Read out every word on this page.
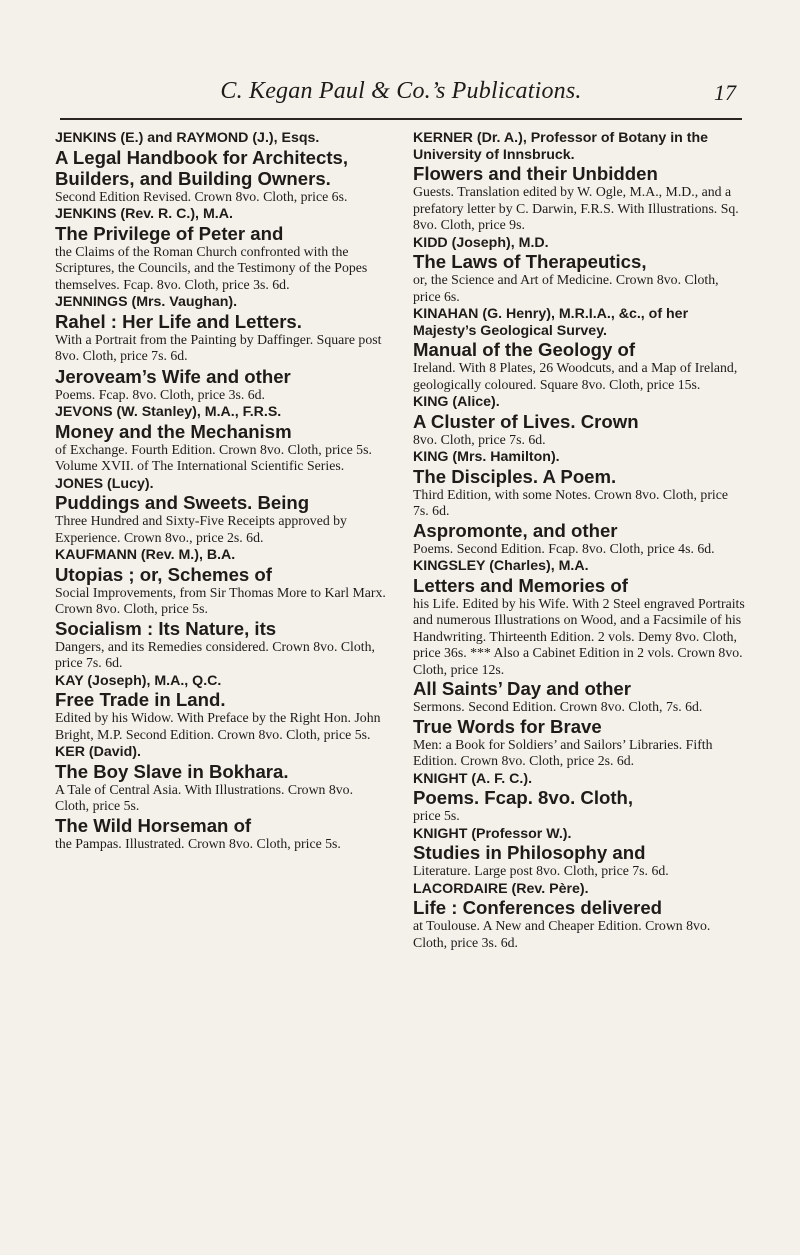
C. Kegan Paul & Co.’s Publications.	17

JENKINS (E.) and RAYMOND (J.), Esqs.

A Legal Handbook for Architects, Builders, and Building Owners.

Second Edition Revised. Crown 8vo. Cloth, price 6s.

JENKINS (Rev. R. C.), M.A.

The Privilege of Peter and

the Claims of the Roman Church confronted with the Scriptures, the Councils, and the Testimony of the Popes themselves. Fcap. 8vo. Cloth, price 3s. 6d.

JENNINGS (Mrs. Vaughan).

Rahel : Her Life and Letters.

With a Portrait from the Painting by Daffinger. Square post 8vo. Cloth, price 7s. 6d.

Jeroveam’s Wife and other

Poems. Fcap. 8vo. Cloth, price 3s. 6d.

JEVONS (W. Stanley), M.A., F.R.S.

Money and the Mechanism

of Exchange. Fourth Edition. Crown 8vo. Cloth, price 5s. Volume XVII. of The International Scientific Series.

JONES (Lucy).

Puddings and Sweets. Being

Three Hundred and Sixty-Five Receipts approved by Experience. Crown 8vo., price 2s. 6d.

KAUFMANN (Rev. M.), B.A.

Utopias ; or, Schemes of

Social Improvements, from Sir Thomas More to Karl Marx. Crown 8vo. Cloth, price 5s.

Socialism : Its Nature, its

Dangers, and its Remedies considered. Crown 8vo. Cloth, price 7s. 6d.

KAY (Joseph), M.A., Q.C.

Free Trade in Land.

Edited by his Widow. With Preface by the Right Hon. John Bright, M.P. Second Edition. Crown 8vo. Cloth, price 5s.

KER (David).

The Boy Slave in Bokhara.

A Tale of Central Asia. With Illustrations. Crown 8vo. Cloth, price 5s.

The Wild Horseman of

the Pampas. Illustrated. Crown 8vo. Cloth, price 5s.

KERNER (Dr. A.), Professor of Botany in the University of Innsbruck.

Flowers and their Unbidden

Guests. Translation edited by W. Ogle, M.A., M.D., and a prefatory letter by C. Darwin, F.R.S. With Illustrations. Sq. 8vo. Cloth, price 9s.

KIDD (Joseph), M.D.

The Laws of Therapeutics,

or, the Science and Art of Medicine. Crown 8vo. Cloth, price 6s.

KINAHAN (G. Henry), M.R.I.A., &c., of her Majesty’s Geological Survey.

Manual of the Geology of

Ireland. With 8 Plates, 26 Woodcuts, and a Map of Ireland, geologically coloured. Square 8vo. Cloth, price 15s.

KING (Alice).

A Cluster of Lives. Crown

8vo. Cloth, price 7s. 6d.

KING (Mrs. Hamilton).

The Disciples. A Poem.

Third Edition, with some Notes. Crown 8vo. Cloth, price 7s. 6d.

Aspromonte, and other

Poems. Second Edition. Fcap. 8vo. Cloth, price 4s. 6d.

KINGSLEY (Charles), M.A.

Letters and Memories of

his Life. Edited by his Wife. With 2 Steel engraved Portraits and numerous Illustrations on Wood, and a Facsimile of his Handwriting. Thirteenth Edition. 2 vols. Demy 8vo. Cloth, price 36s. *** Also a Cabinet Edition in 2 vols. Crown 8vo. Cloth, price 12s.

All Saints’ Day and other

Sermons. Second Edition. Crown 8vo. Cloth, 7s. 6d.

True Words for Brave

Men: a Book for Soldiers’ and Sailors’ Libraries. Fifth Edition. Crown 8vo. Cloth, price 2s. 6d.

KNIGHT (A. F. C.).

Poems. Fcap. 8vo. Cloth,

price 5s.

KNIGHT (Professor W.).

Studies in Philosophy and

Literature. Large post 8vo. Cloth, price 7s. 6d.

LACORDAIRE (Rev. Père).

Life : Conferences delivered

at Toulouse. A New and Cheaper Edition. Crown 8vo. Cloth, price 3s. 6d.
